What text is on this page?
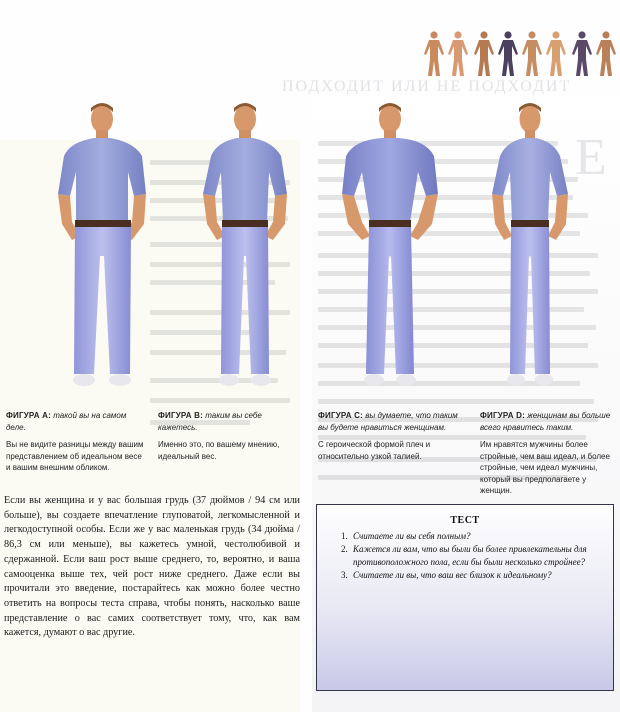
ПОДХОДИТ ИЛИ НЕ ПОДХОДИТ
Е
ФИГУРА A: такой вы на самом деле.
Вы не видите разницы между вашим представлением об идеальном весе и вашим внешним обликом.
ФИГУРА B: таким вы себе кажетесь.
Именно это, по вашему мнению, идеальный вес.
ФИГУРА C: вы думаете, что таким вы будете нравиться женщинам.
С героической формой плеч и относительно узкой талией.
ФИГУРА D: женщинам вы больше всего нравитесь таким.
Им нравятся мужчины более стройные, чем ваш идеал, и более стройные, чем идеал мужчины, который вы предполагаете у женщин.

Если вы женщина и у вас большая грудь (37 дюймов / 94 см или больше), вы создаете впечатление глуповатой, легкомысленной и легкодоступной особы. Если же у вас маленькая грудь (34 дюйма / 86,3 см или меньше), вы кажетесь умной, честолюбивой и сдержанной. Если ваш рост выше среднего, то, вероятно, и ваша самооценка выше тех, чей рост ниже среднего. Даже если вы прочитали это введение, постарайтесь как можно более честно ответить на вопросы теста справа, чтобы понять, насколько ваше представление о вас самих соответствует тому, что, как вам кажется, думают о вас другие.

ТЕСТ
1. Считаете ли вы себя полным?
2. Кажется ли вам, что вы были бы более привлекательны для противоположного пола, если бы были несколько стройнее?
3. Считаете ли вы, что ваш вес близок к идеальному?
